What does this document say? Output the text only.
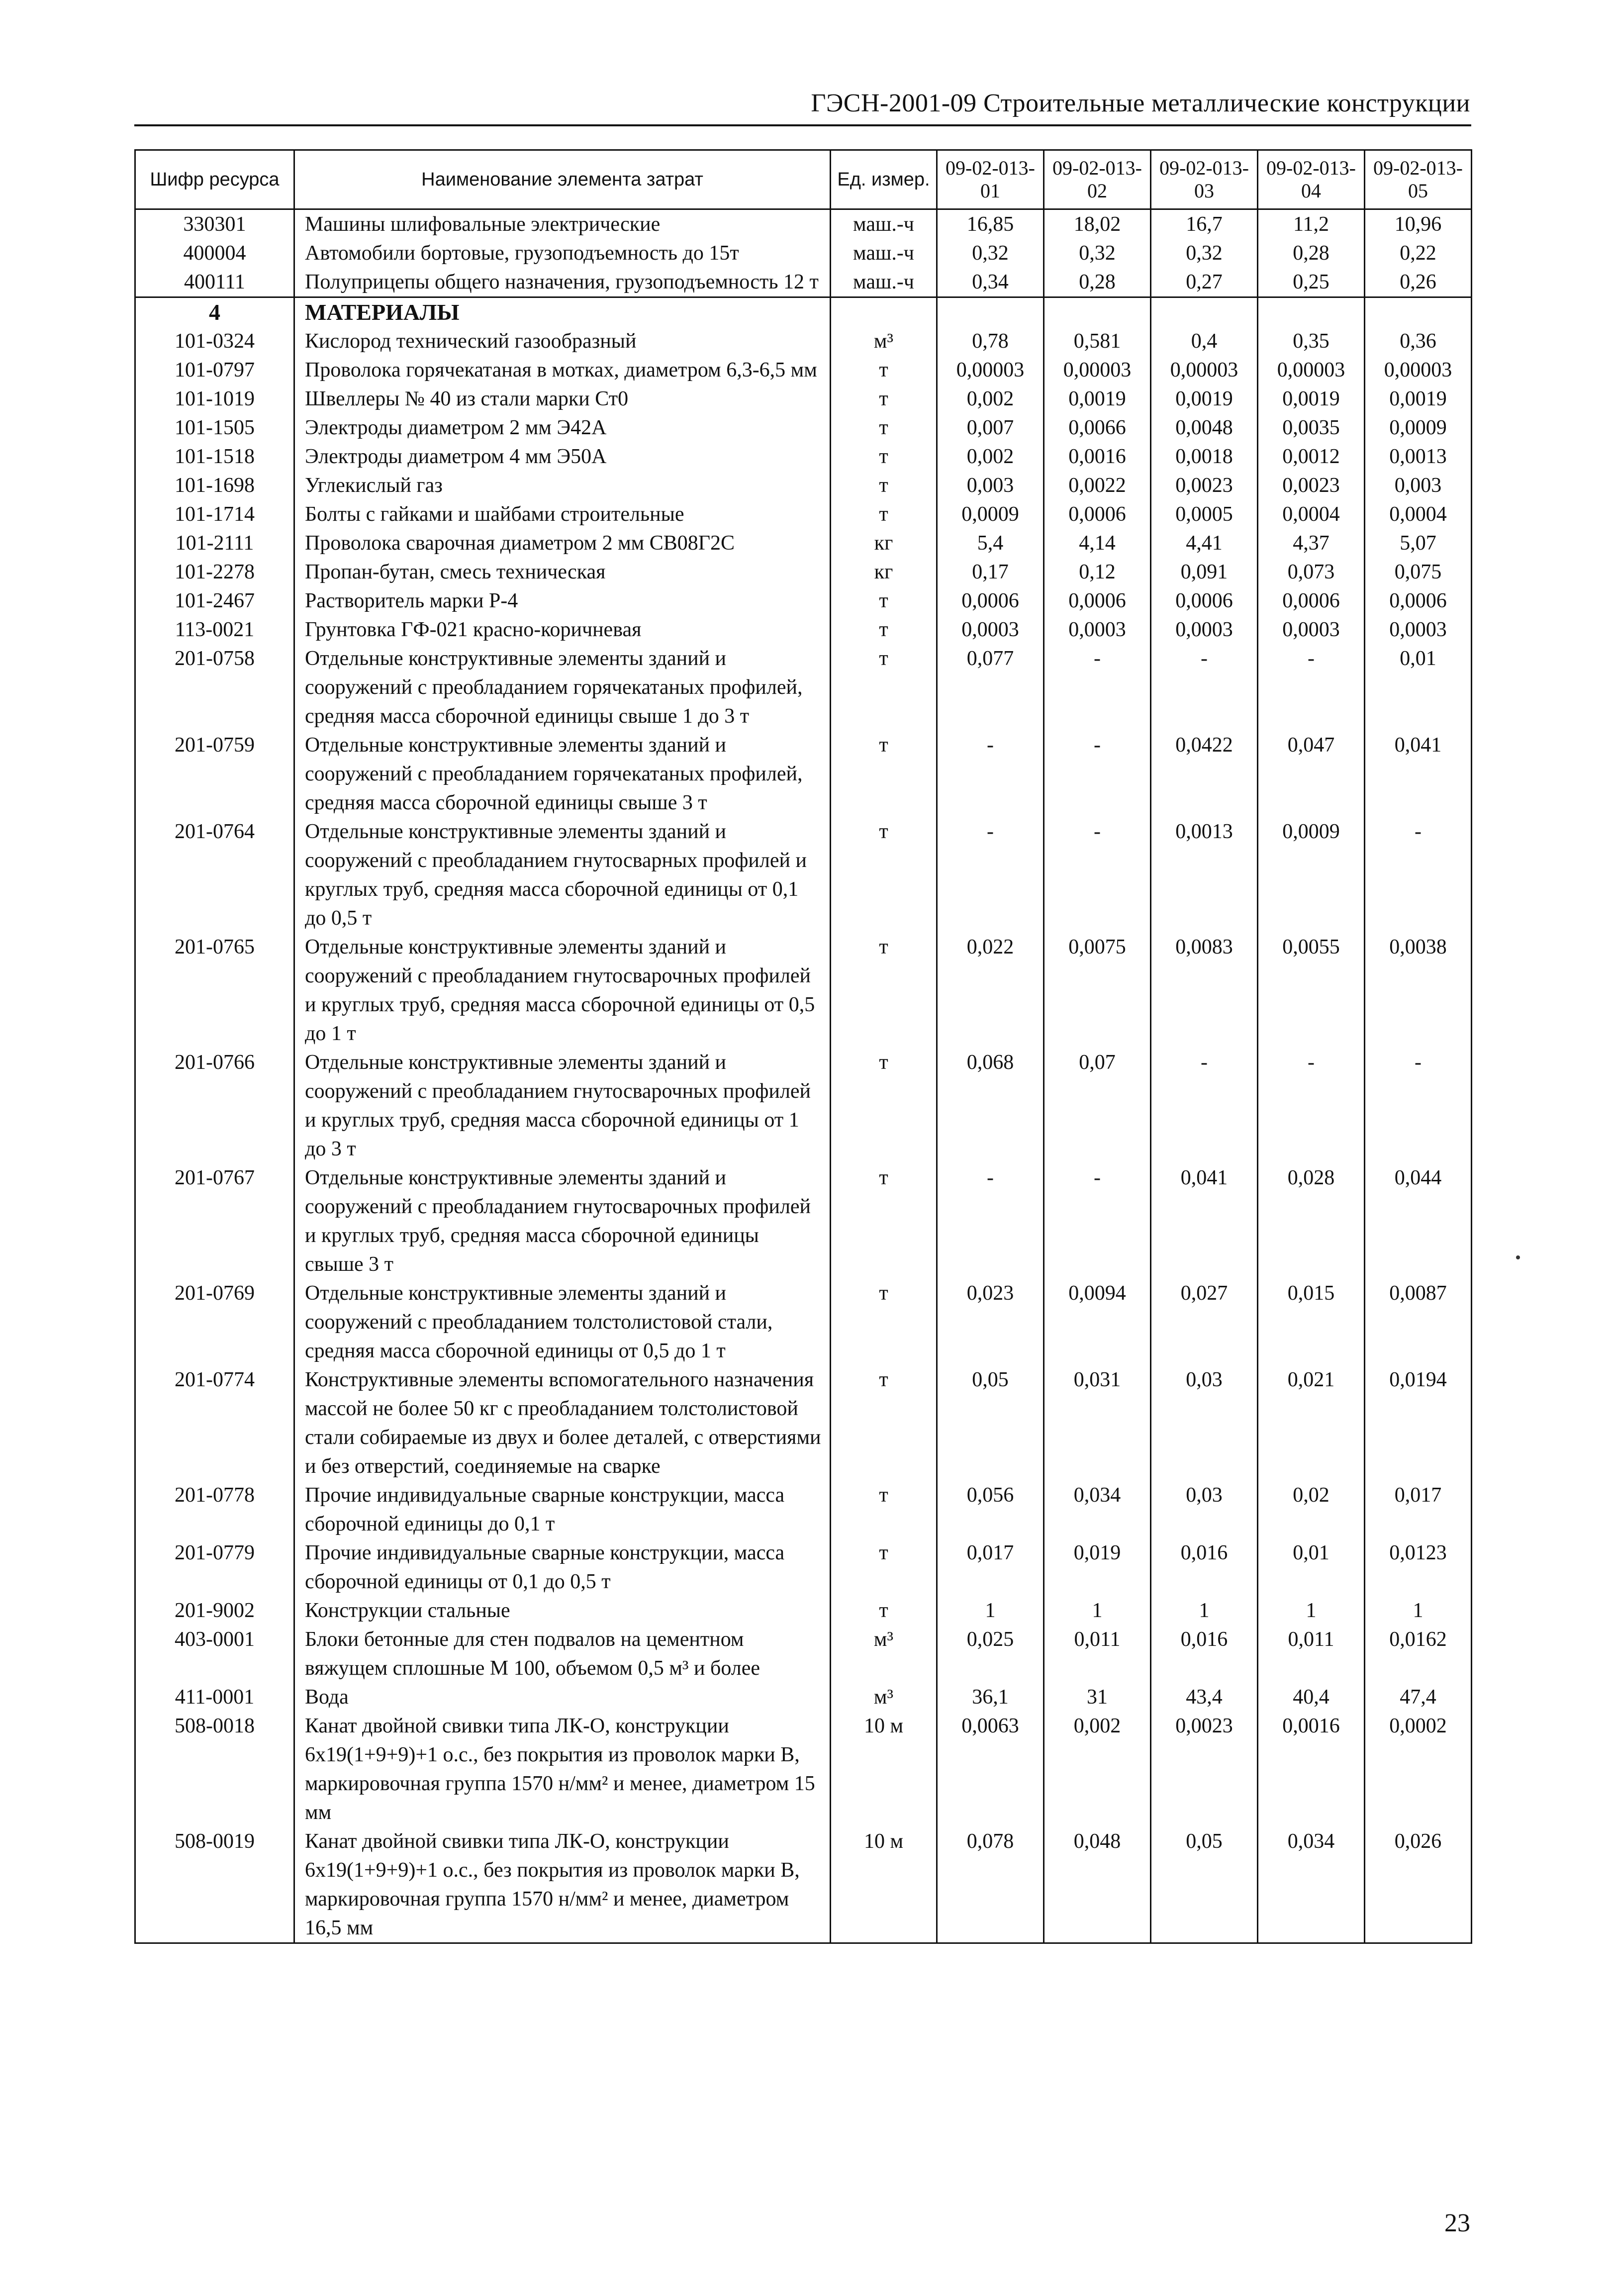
ГЭСН-2001-09 Строительные металлические конструкции
Шифр ресурса	Наименование элемента затрат	Ед. измер.	09-02-013-01	09-02-013-02	09-02-013-03	09-02-013-04	09-02-013-05
330301	Машины шлифовальные электрические	маш.-ч	16,85	18,02	16,7	11,2	10,96
400004	Автомобили бортовые, грузоподъемность до 15т	маш.-ч	0,32	0,32	0,32	0,28	0,22
400111	Полуприцепы общего назначения, грузоподъемность 12 т	маш.-ч	0,34	0,28	0,27	0,25	0,26
4	МАТЕРИАЛЫ						
101-0324	Кислород технический газообразный	м³	0,78	0,581	0,4	0,35	0,36
101-0797	Проволока горячекатаная в мотках, диаметром 6,3-6,5 мм	т	0,00003	0,00003	0,00003	0,00003	0,00003
101-1019	Швеллеры № 40 из стали марки Ст0	т	0,002	0,0019	0,0019	0,0019	0,0019
101-1505	Электроды диаметром 2 мм Э42А	т	0,007	0,0066	0,0048	0,0035	0,0009
101-1518	Электроды диаметром 4 мм Э50А	т	0,002	0,0016	0,0018	0,0012	0,0013
101-1698	Углекислый газ	т	0,003	0,0022	0,0023	0,0023	0,003
101-1714	Болты с гайками и шайбами строительные	т	0,0009	0,0006	0,0005	0,0004	0,0004
101-2111	Проволока сварочная диаметром 2 мм СВ08Г2С	кг	5,4	4,14	4,41	4,37	5,07
101-2278	Пропан-бутан, смесь техническая	кг	0,17	0,12	0,091	0,073	0,075
101-2467	Растворитель марки Р-4	т	0,0006	0,0006	0,0006	0,0006	0,0006
113-0021	Грунтовка ГФ-021 красно-коричневая	т	0,0003	0,0003	0,0003	0,0003	0,0003
201-0758	Отдельные конструктивные элементы зданий и сооружений с преобладанием горячекатаных профилей, средняя масса сборочной единицы свыше 1 до 3 т	т	0,077	-	-	-	0,01
201-0759	Отдельные конструктивные элементы зданий и сооружений с преобладанием горячекатаных профилей, средняя масса сборочной единицы свыше 3 т	т	-	-	0,0422	0,047	0,041
201-0764	Отдельные конструктивные элементы зданий и сооружений с преобладанием гнутосварных профилей и круглых труб, средняя масса сборочной единицы от 0,1 до 0,5 т	т	-	-	0,0013	0,0009	-
201-0765	Отдельные конструктивные элементы зданий и сооружений с преобладанием гнутосварочных профилей и круглых труб, средняя масса сборочной единицы от 0,5 до 1 т	т	0,022	0,0075	0,0083	0,0055	0,0038
201-0766	Отдельные конструктивные элементы зданий и сооружений с преобладанием гнутосварочных профилей и круглых труб, средняя масса сборочной единицы от 1 до 3 т	т	0,068	0,07	-	-	-
201-0767	Отдельные конструктивные элементы зданий и сооружений с преобладанием гнутосварочных профилей и круглых труб, средняя масса сборочной единицы свыше 3 т	т	-	-	0,041	0,028	0,044
201-0769	Отдельные конструктивные элементы зданий и сооружений с преобладанием толстолистовой стали, средняя масса сборочной единицы от 0,5 до 1 т	т	0,023	0,0094	0,027	0,015	0,0087
201-0774	Конструктивные элементы вспомогательного назначения массой не более 50 кг с преобладанием толстолистовой стали собираемые из двух и более деталей, с отверстиями и без отверстий, соединяемые на сварке	т	0,05	0,031	0,03	0,021	0,0194
201-0778	Прочие индивидуальные сварные конструкции, масса сборочной единицы до 0,1 т	т	0,056	0,034	0,03	0,02	0,017
201-0779	Прочие индивидуальные сварные конструкции, масса сборочной единицы от 0,1 до 0,5 т	т	0,017	0,019	0,016	0,01	0,0123
201-9002	Конструкции стальные	т	1	1	1	1	1
403-0001	Блоки бетонные для стен подвалов на цементном вяжущем сплошные М 100, объемом 0,5 м³ и более	м³	0,025	0,011	0,016	0,011	0,0162
411-0001	Вода	м³	36,1	31	43,4	40,4	47,4
508-0018	Канат двойной свивки типа ЛК-О, конструкции 6х19(1+9+9)+1 о.с., без покрытия из проволок марки В, маркировочная группа 1570 н/мм² и менее, диаметром 15 мм	10 м	0,0063	0,002	0,0023	0,0016	0,0002
508-0019	Канат двойной свивки типа ЛК-О, конструкции 6х19(1+9+9)+1 о.с., без покрытия из проволок марки В, маркировочная группа 1570 н/мм² и менее, диаметром 16,5 мм	10 м	0,078	0,048	0,05	0,034	0,026
23
